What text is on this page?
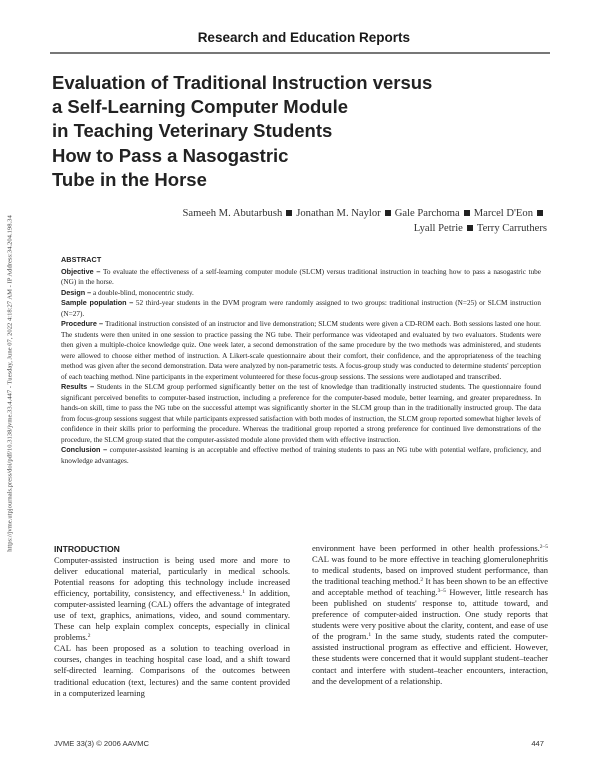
Research and Education Reports
https://jvme.utpjournals.press/doi/pdf/10.3138/jvme.33.4.447 - Tuesday, June 07, 2022 4:18:27 AM - IP Address:34.204.198.34
Evaluation of Traditional Instruction versus
a Self-Learning Computer Module
in Teaching Veterinary Students
How to Pass a Nasogastric
Tube in the Horse
Sameeh M. Abutarbush Jonathan M. Naylor Gale Parchoma Marcel D'Eon
Lyall Petrie Terry Carruthers
ABSTRACT

Objective – To evaluate the effectiveness of a self-learning computer module (SLCM) versus traditional instruction in teaching how to pass a nasogastric tube (NG) in the horse.

Design – a double-blind, monocentric study.

Sample population – 52 third-year students in the DVM program were randomly assigned to two groups: traditional instruction (N=25) or SLCM instruction (N=27).

Procedure – Traditional instruction consisted of an instructor and live demonstration; SLCM students were given a CD-ROM each. Both sessions lasted one hour. The students were then united in one session to practice passing the NG tube. Their performance was videotaped and evaluated by two evaluators. Students were then given a multiple-choice knowledge quiz. One week later, a second demonstration of the same procedure by the two methods was administered, and students were allowed to choose either method of instruction. A Likert-scale questionnaire about their comfort, their confidence, and the appropriateness of the teaching method was given after the second demonstration. Data were analyzed by non-parametric tests. A focus-group study was conducted to determine students' perception of each teaching method. Nine participants in the experiment volunteered for these focus-group sessions. The sessions were audiotaped and transcribed.

Results – Students in the SLCM group performed significantly better on the test of knowledge than traditionally instructed students. The questionnaire found significant perceived benefits to computer-based instruction, including a preference for the computer-based module, better learning, and greater preparedness. In hands-on skill, time to pass the NG tube on the successful attempt was significantly shorter in the SLCM group than in the traditionally instructed group. The data from focus-group sessions suggest that while participants expressed satisfaction with both modes of instruction, the SLCM group reported somewhat higher levels of confidence in their skills prior to performing the procedure. Whereas the traditional group reported a strong preference for continued live demonstrations of the procedure, the SLCM group stated that the computer-assisted module alone provided them with effective instruction.

Conclusion – computer-assisted learning is an acceptable and effective method of training students to pass an NG tube with potential welfare, proficiency, and knowledge advantages.

INTRODUCTION

Computer-assisted instruction is being used more and more to deliver educational material, particularly in medical schools. Potential reasons for adopting this technology include increased efficiency, portability, consistency, and effectiveness.$^1$ In addition, computer-assisted learning (CAL) offers the advantage of integrated use of text, graphics, animations, video, and sound commentary. These can help explain complex concepts, especially in clinical problems.$^2$

CAL has been proposed as a solution to teaching overload in courses, changes in teaching hospital case load, and a shift toward self-directed learning. Comparisons of the outcomes between traditional education (text, lectures) and the same content provided in a computerized learning

environment have been performed in other health professions.$^{2-5}$ CAL was found to be more effective in teaching glomerulonephritis to medical students, based on improved student performance, than the traditional teaching method.$^2$ It has been shown to be an effective and acceptable method of teaching.$^{3-5}$ However, little research has been published on students' response to, attitude toward, and preference of computer-aided instruction. One study reports that students were very positive about the clarity, content, and ease of use of the program.$^1$ In the same study, students rated the computer-assisted instructional program as effective and efficient. However, these students were concerned that it would supplant student–teacher contact and interfere with student–teacher encounters, interaction, and the development of a relationship.

JVME 33(3) © 2006 AAVMC	447
